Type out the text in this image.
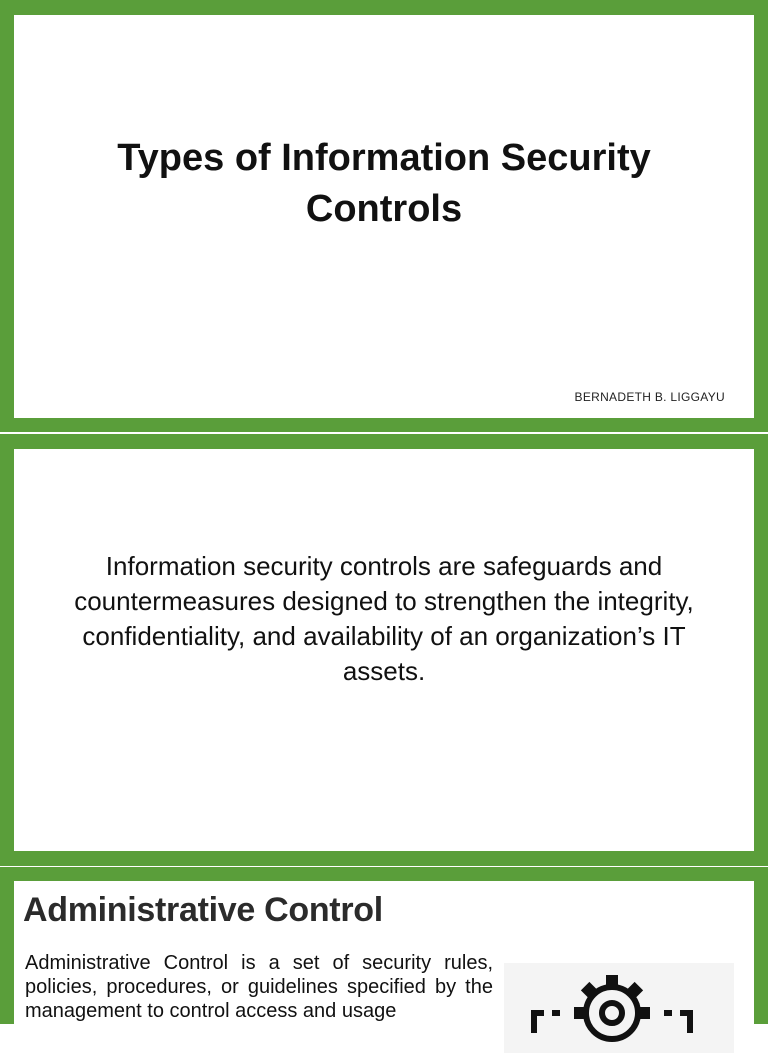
Types of Information Security Controls
BERNADETH B. LIGGAYU
Information security controls are safeguards and countermeasures designed to strengthen the integrity, confidentiality, and availability of an organization’s IT assets.
Administrative Control
Administrative Control is a set of security rules, policies, procedures, or guidelines specified by the management to control access and usage
